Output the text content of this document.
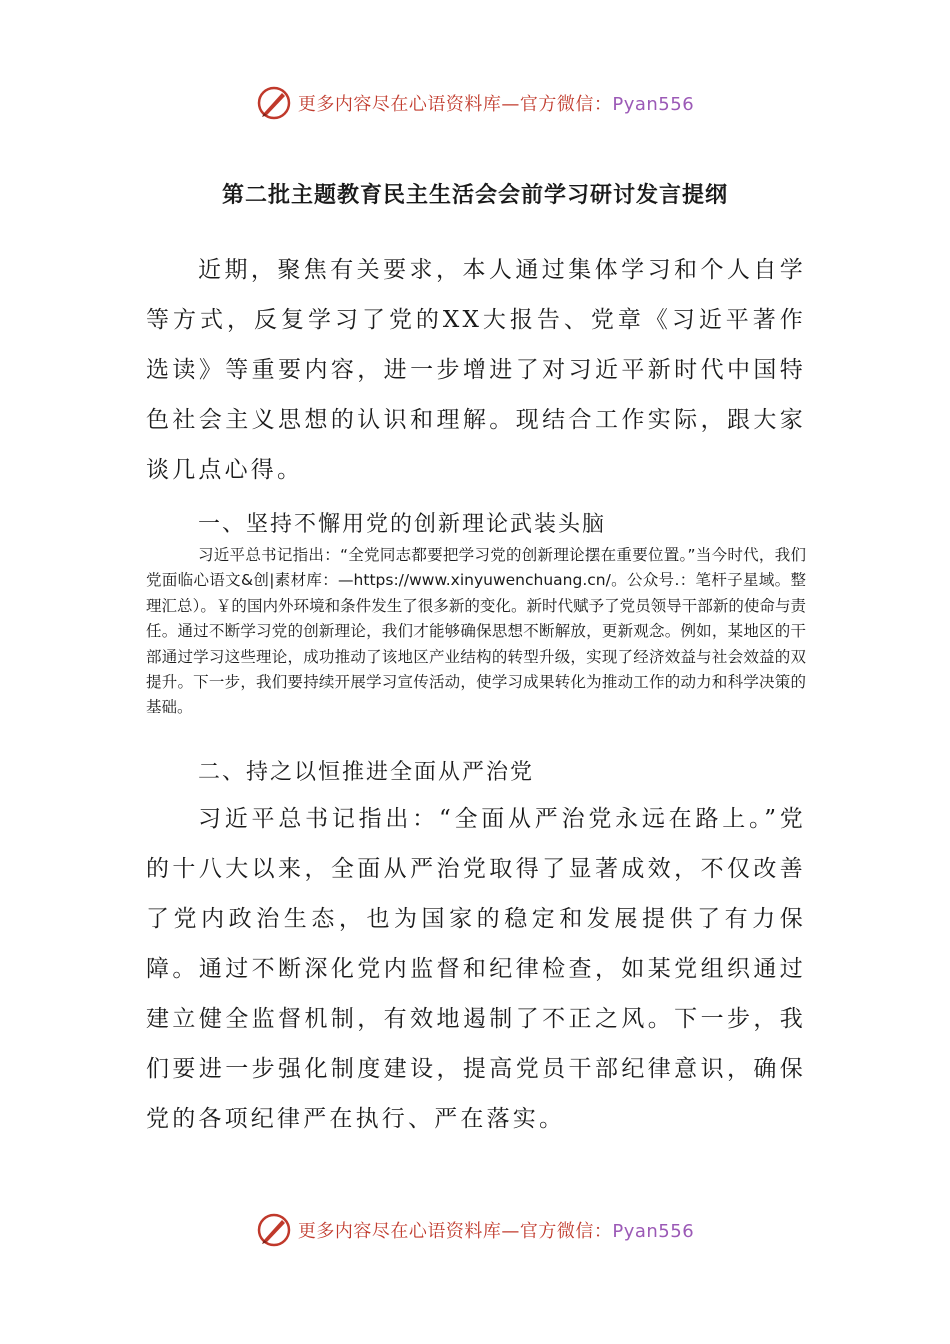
更多内容尽在心语资料库—官方微信：Pyan556
第二批主题教育民主生活会会前学习研讨发言提纲

近期，聚焦有关要求，本人通过集体学习和个人自学等方式，反复学习了党的XX大报告、党章《习近平著作选读》等重要内容，进一步增进了对习近平新时代中国特色社会主义思想的认识和理解。现结合工作实际，跟大家谈几点心得。

一、坚持不懈用党的创新理论武装头脑

习近平总书记指出：“全党同志都要把学习党的创新理论摆在重要位置。”当今时代，我们党面临心语文&创|素材库：—https://www.xinyuwenchuang.cn/。公众号.：笔杆子星域。整理汇总）。￥的国内外环境和条件发生了很多新的变化。新时代赋予了党员领导干部新的使命与责任。通过不断学习党的创新理论，我们才能够确保思想不断解放，更新观念。例如，某地区的干部通过学习这些理论，成功推动了该地区产业结构的转型升级，实现了经济效益与社会效益的双提升。下一步，我们要持续开展学习宣传活动，使学习成果转化为推动工作的动力和科学决策的基础。

二、持之以恒推进全面从严治党

习近平总书记指出：“全面从严治党永远在路上。”党的十八大以来，全面从严治党取得了显著成效，不仅改善了党内政治生态，也为国家的稳定和发展提供了有力保障。通过不断深化党内监督和纪律检查，如某党组织通过建立健全监督机制，有效地遏制了不正之风。下一步，我们要进一步强化制度建设，提高党员干部纪律意识，确保党的各项纪律严在执行、严在落实。

更多内容尽在心语资料库—官方微信：Pyan556
